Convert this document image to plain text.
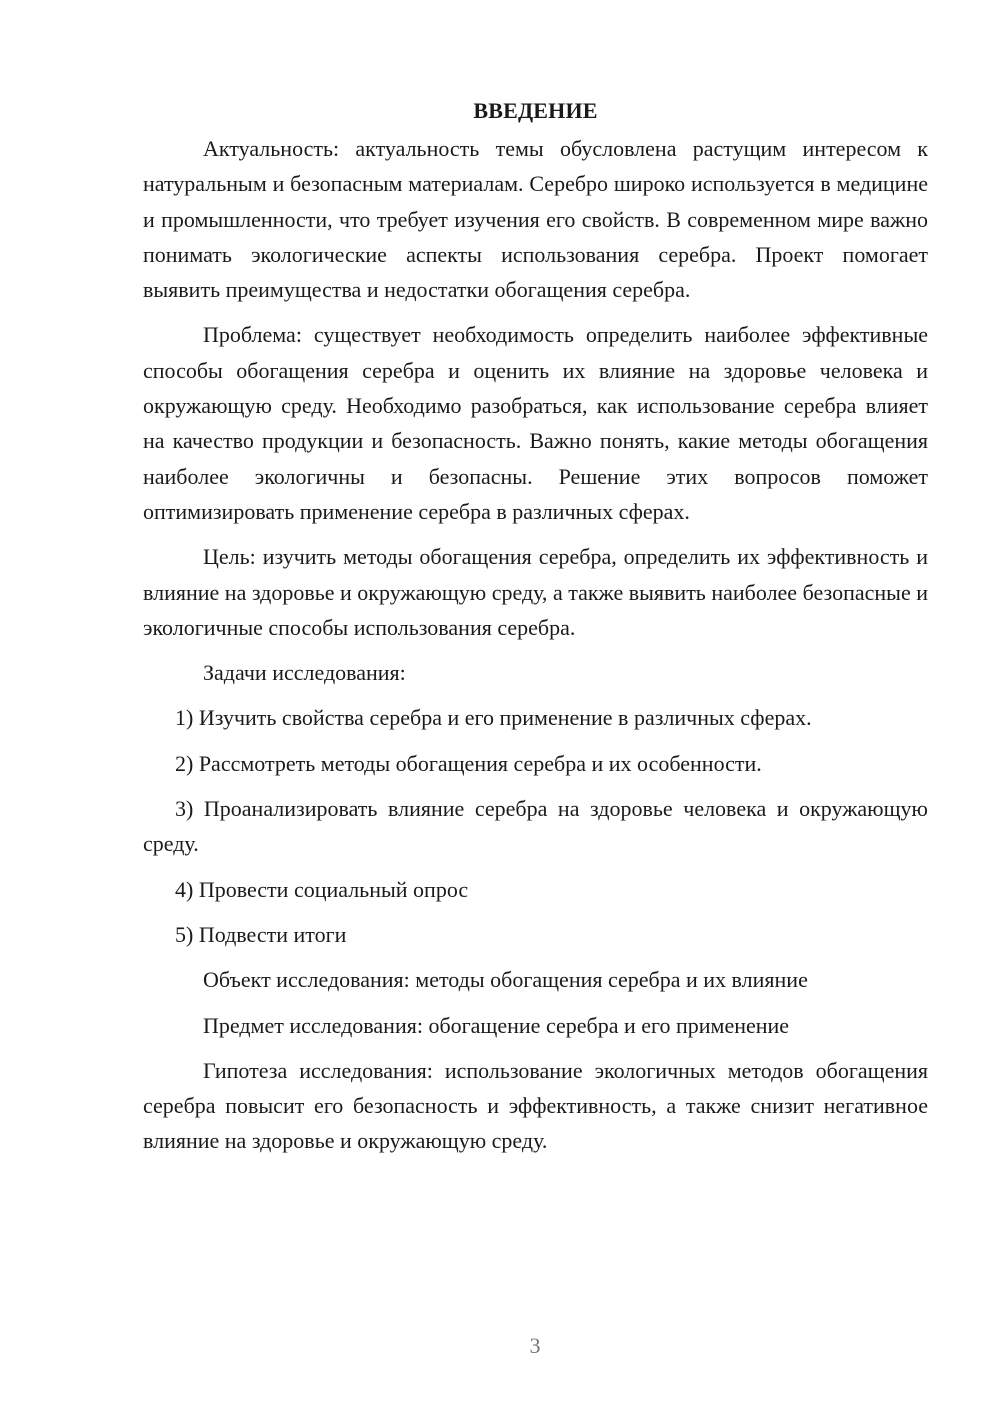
ВВЕДЕНИЕ

Актуальность: актуальность темы обусловлена растущим интересом к натуральным и безопасным материалам. Серебро широко используется в медицине и промышленности, что требует изучения его свойств. В современном мире важно понимать экологические аспекты использования серебра. Проект помогает выявить преимущества и недостатки обогащения серебра.

Проблема: существует необходимость определить наиболее эффективные способы обогащения серебра и оценить их влияние на здоровье человека и окружающую среду. Необходимо разобраться, как использование серебра влияет на качество продукции и безопасность. Важно понять, какие методы обогащения наиболее экологичны и безопасны. Решение этих вопросов поможет оптимизировать применение серебра в различных сферах.

Цель: изучить методы обогащения серебра, определить их эффективность и влияние на здоровье и окружающую среду, а также выявить наиболее безопасные и экологичные способы использования серебра.

Задачи исследования:

1) Изучить свойства серебра и его применение в различных сферах.

2) Рассмотреть методы обогащения серебра и их особенности.

3) Проанализировать влияние серебра на здоровье человека и окружающую среду.

4) Провести социальный опрос

5) Подвести итоги

Объект исследования: методы обогащения серебра и их влияние

Предмет исследования: обогащение серебра и его применение

Гипотеза исследования: использование экологичных методов обогащения серебра повысит его безопасность и эффективность, а также снизит негативное влияние на здоровье и окружающую среду.

3
